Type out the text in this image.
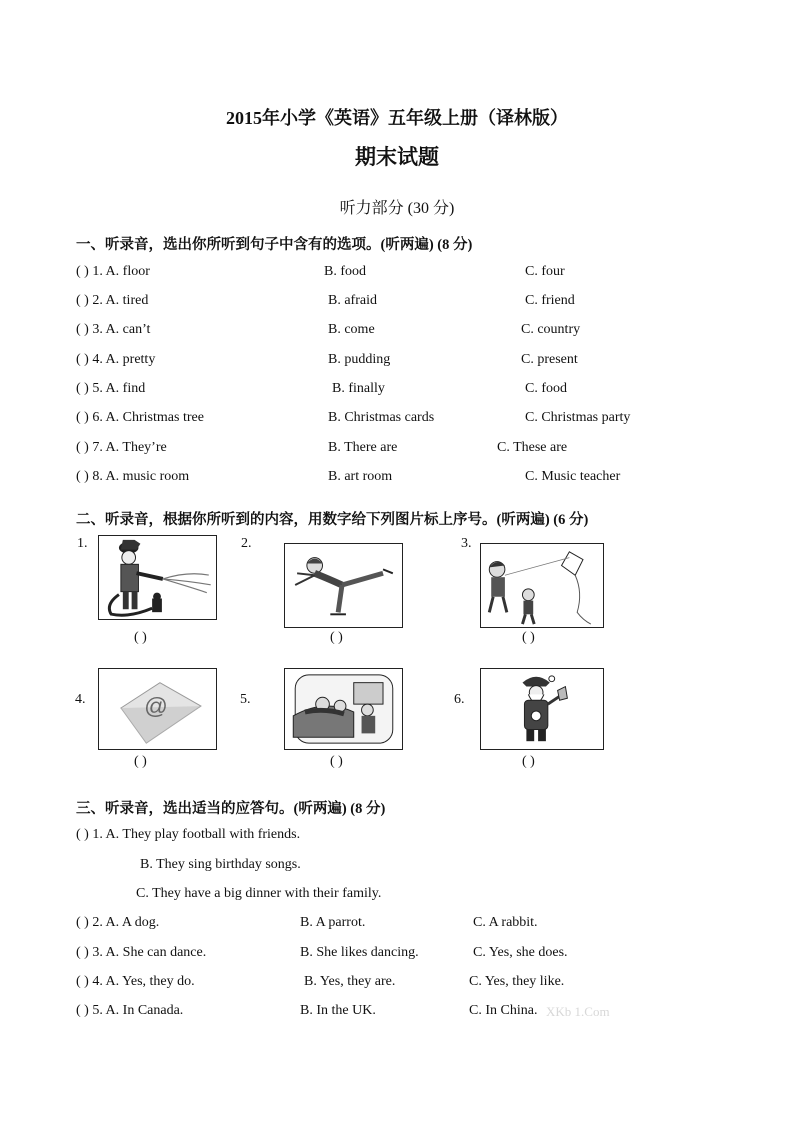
2015年小学《英语》五年级上册（译林版）
期末试题
听力部分 (30 分)
一、听录音，选出你所听到句子中含有的选项。(听两遍) (8 分)
( ) 1. A. floor	B. food	C. four
( ) 2. A. tired	B. afraid	C. friend
( ) 3. A. can’t	B. come	C. country
( ) 4. A. pretty	B. pudding	C. present
( ) 5. A. find	B. finally	C. food
( ) 6. A. Christmas tree	B. Christmas cards	C. Christmas party
( ) 7. A. They’re	B. There are	C. These are
( ) 8. A. music room	B. art room	C. Music teacher
二、听录音，根据你所听到的内容，用数字给下列图片标上序号。(听两遍) (6 分)
1.
( )
2.
( )
3.
( )
4. @
( )
5.
( )
6.
( )
三、听录音，选出适当的应答句。(听两遍) (8 分)
( ) 1. A. They play football with friends.
B. They sing birthday songs.
C. They have a big dinner with their family.
( ) 2. A. A dog.	B. A parrot.	C. A rabbit.
( ) 3. A. She can dance.	B. She likes dancing.	C. Yes, she does.
( ) 4. A. Yes, they do.	B. Yes, they are.	C. Yes, they like.
( ) 5. A. In Canada.	B. In the UK.	C. In China. XKb 1.Com
